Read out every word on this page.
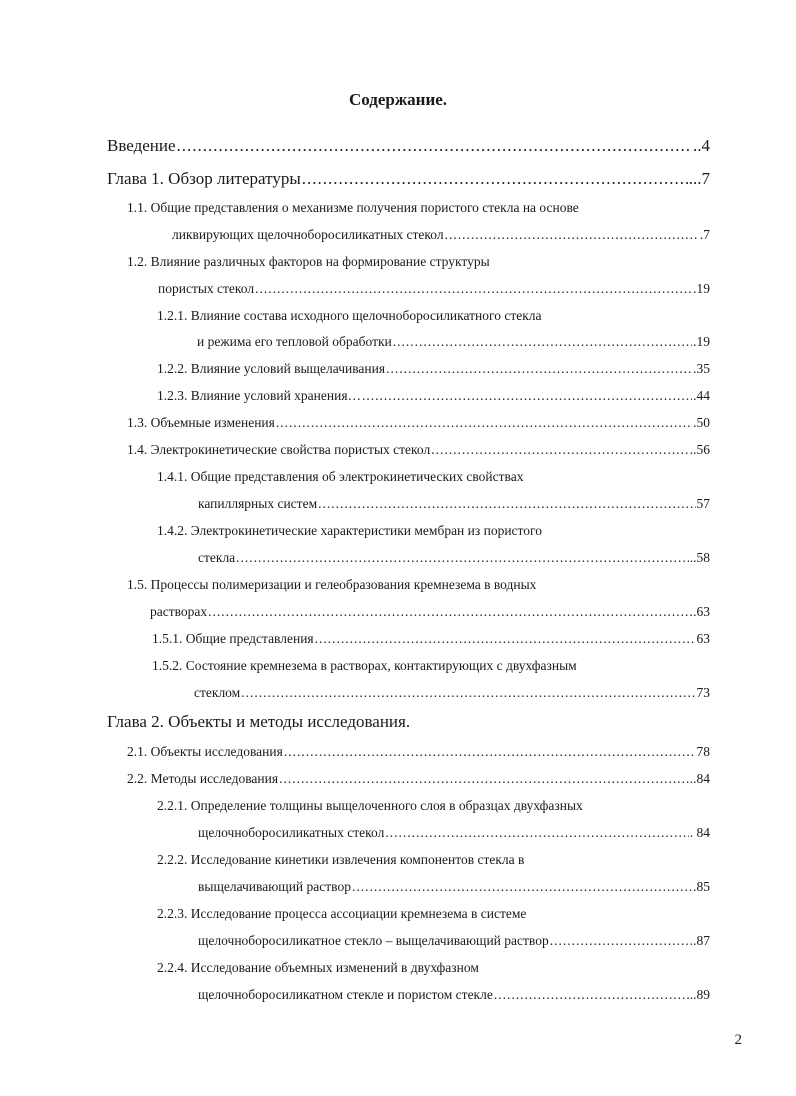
Содержание.
Введение .....	..4
Глава 1. Обзор литературы .....	...7
1.1. Общие представления о механизме получения пористого стекла на основе
ликвирующих щелочноборосиликатных стекол .....	.7
1.2. Влияние различных факторов на формирование структуры
пористых стекол .....	.19
1.2.1. Влияние состава исходного щелочноборосиликатного стекла
и режима его тепловой обработки .....	.19
1.2.2. Влияние условий выщелачивания .....	.35
1.2.3. Влияние условий хранения… .....	.44
1.3. Объемные изменения .....	.50
1.4. Электрокинетические свойства пористых стекол .....	..56
1.4.1. Общие представления об электрокинетических свойствах
капиллярных систем .....	57
1.4.2. Электрокинетические характеристики мембран из пористого
стекла .....	..58
1.5. Процессы полимеризации и гелеобразования кремнезема в водных
растворах .....	.63
1.5.1. Общие представления .....	63
1.5.2. Состояние кремнезема в растворах, контактирующих с двухфазным
стеклом .....	73
Глава 2. Объекты и методы исследования.
2.1. Объекты исследования .....	78
2.2. Методы исследования .....	..84
2.2.1. Определение толщины выщелоченного слоя в образцах двухфазных
щелочноборосиликатных стекол .....	. 84
2.2.2. Исследование кинетики извлечения компонентов стекла в
выщелачивающий раствор .....	.85
2.2.3. Исследование процесса ассоциации кремнезема в системе
щелочноборосиликатное стекло – выщелачивающий раствор .....	.87
2.2.4. Исследование объемных изменений в двухфазном
щелочноборосиликатном стекле и пористом стекле .....	..89
2
